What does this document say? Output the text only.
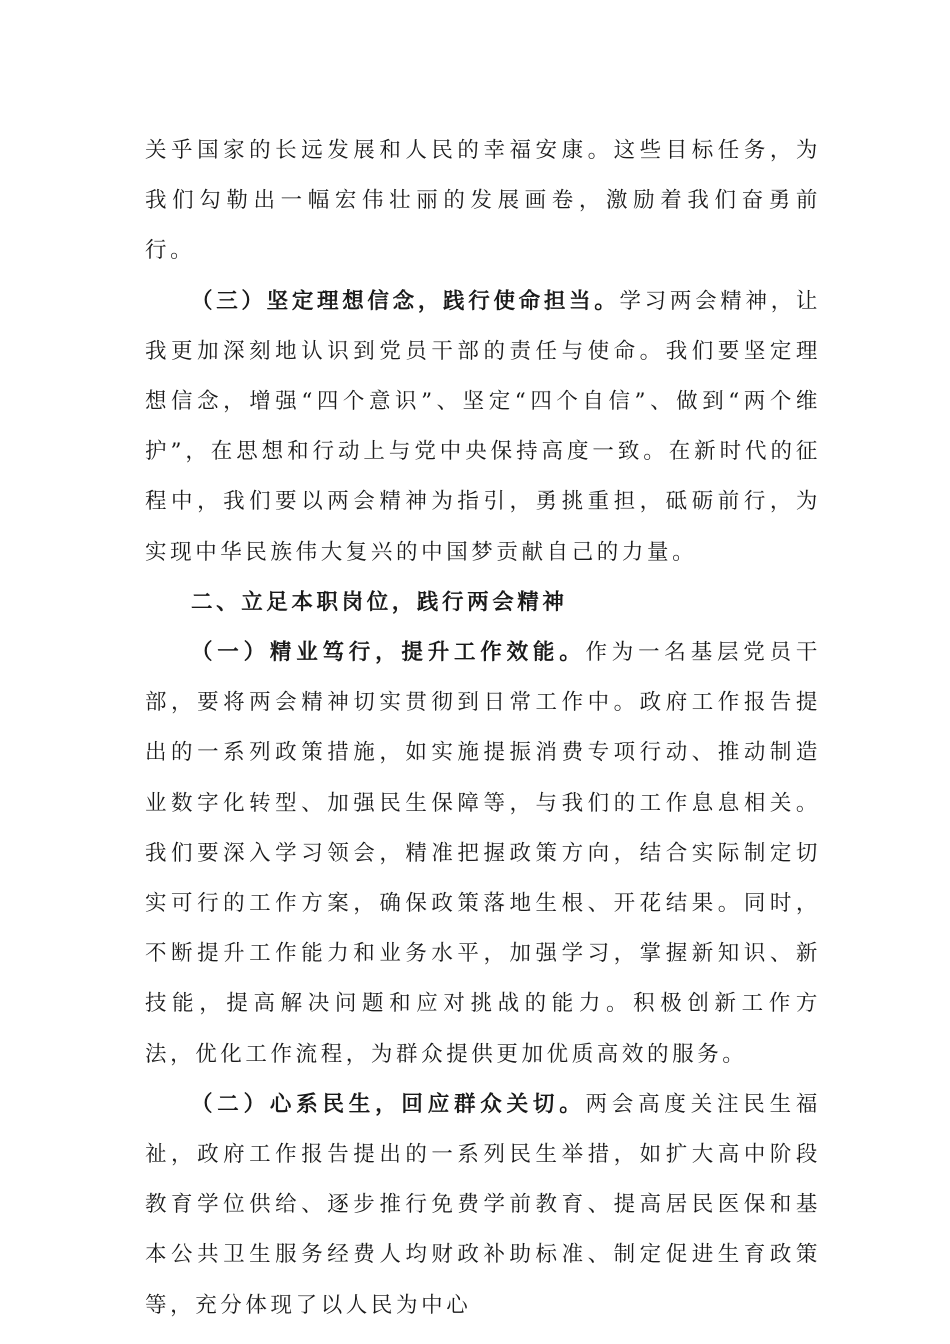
关乎国家的长远发展和人民的幸福安康。这些目标任务，为我们勾勒出一幅宏伟壮丽的发展画卷，激励着我们奋勇前行。

（三）坚定理想信念，践行使命担当。学习两会精神，让我更加深刻地认识到党员干部的责任与使命。我们要坚定理想信念，增强“四个意识”、坚定“四个自信”、做到“两个维护”，在思想和行动上与党中央保持高度一致。在新时代的征程中，我们要以两会精神为指引，勇挑重担，砥砺前行，为实现中华民族伟大复兴的中国梦贡献自己的力量。

二、立足本职岗位，践行两会精神

（一）精业笃行，提升工作效能。作为一名基层党员干部，要将两会精神切实贯彻到日常工作中。政府工作报告提出的一系列政策措施，如实施提振消费专项行动、推动制造业数字化转型、加强民生保障等，与我们的工作息息相关。我们要深入学习领会，精准把握政策方向，结合实际制定切实可行的工作方案，确保政策落地生根、开花结果。同时，不断提升工作能力和业务水平，加强学习，掌握新知识、新技能，提高解决问题和应对挑战的能力。积极创新工作方法，优化工作流程，为群众提供更加优质高效的服务。

（二）心系民生，回应群众关切。两会高度关注民生福祉，政府工作报告提出的一系列民生举措，如扩大高中阶段教育学位供给、逐步推行免费学前教育、提高居民医保和基本公共卫生服务经费人均财政补助标准、制定促进生育政策等，充分体现了以人民为中心
